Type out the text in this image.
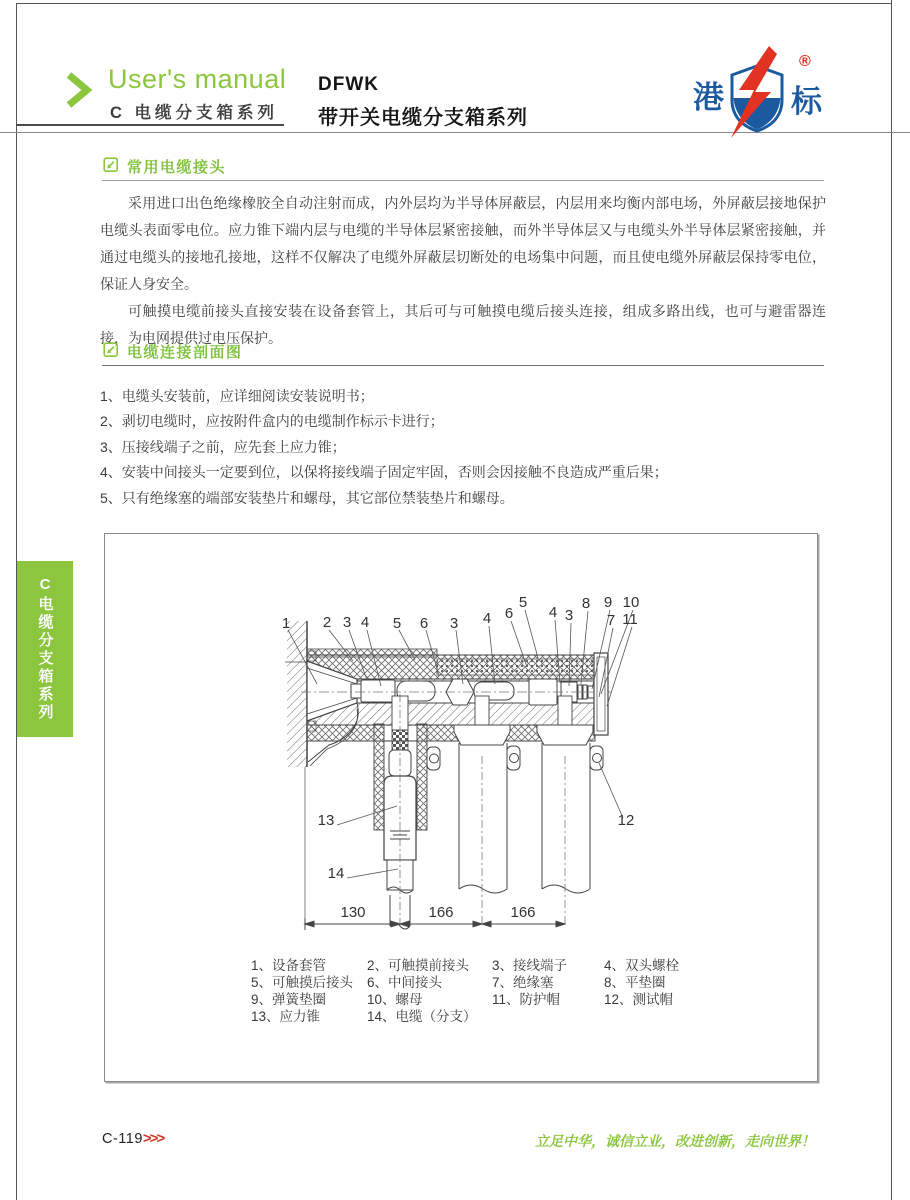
User's manual
C 电缆分支箱系列
DFWK
带开关电缆分支箱系列
港 标
®
常用电缆接头

采用进口出色绝缘橡胶全自动注射而成，内外层均为半导体屏蔽层，内层用来均衡内部电场，外屏蔽层接地保护电缆头表面零电位。应力锥下端内层与电缆的半导体层紧密接触，而外半导体层又与电缆头外半导体层紧密接触，并通过电缆头的接地孔接地，这样不仅解决了电缆外屏蔽层切断处的电场集中问题，而且使电缆外屏蔽层保持零电位，保证人身安全。

可触摸电缆前接头直接安装在设备套管上，其后可与可触摸电缆后接头连接，组成多路出线，也可与避雷器连接，为电网提供过电压保护。

电缆连接剖面图
1、电缆头安装前，应详细阅读安装说明书；
2、剥切电缆时，应按附件盒内的电缆制作标示卡进行；
3、压接线端子之前，应先套上应力锥；
4、安装中间接头一定要到位，以保将接线端子固定牢固，否则会因接触不良造成严重后果；
5、只有绝缘塞的端部安装垫片和螺母，其它部位禁装垫片和螺母。
130	166	166
1 2 3 4 5 6 3 4 6
5
4 3
8 9 10
7 11
13
14
12
1、设备套管	2、可触摸前接头 3、接线端子	4、双头螺栓
5、可触摸后接头 6、中间接头	7、绝缘塞	8、平垫圈
9、弹簧垫圈	10、螺母	11、防护帽	12、测试帽
13、应力锥	14、电缆（分支）
C电缆分支箱系列
C-119>>>	立足中华，诚信立业，改进创新，走向世界！
